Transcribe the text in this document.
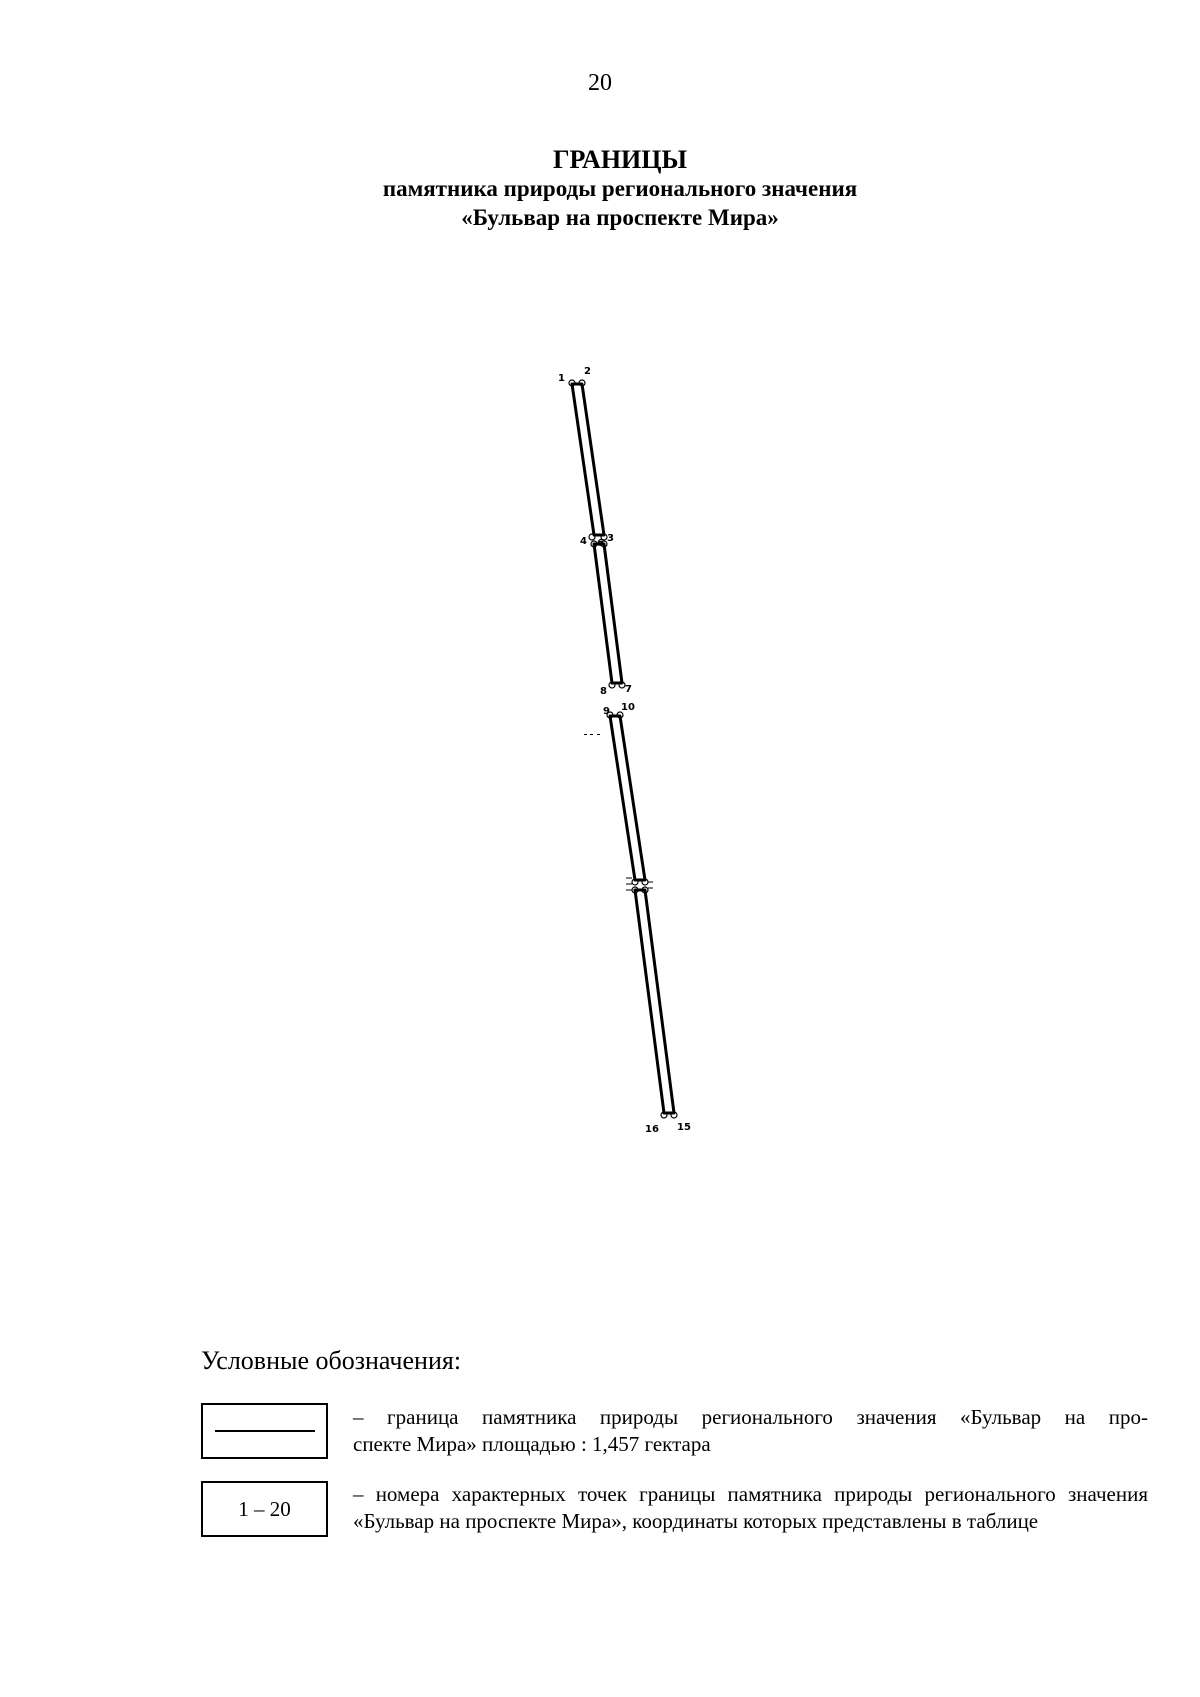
20
ГРАНИЦЫ
памятника природы регионального значения
«Бульвар на проспекте Мира»
1
2
3
4 6
7
8
9 10
15
16
Условные обозначения:
– граница памятника природы регионального значения «Бульвар на про-
спекте Мира» площадью : 1,457 гектара
1 – 20
– номера характерных точек границы памятника природы регионального значения «Бульвар на проспекте Мира», координаты которых представлены в таблице
